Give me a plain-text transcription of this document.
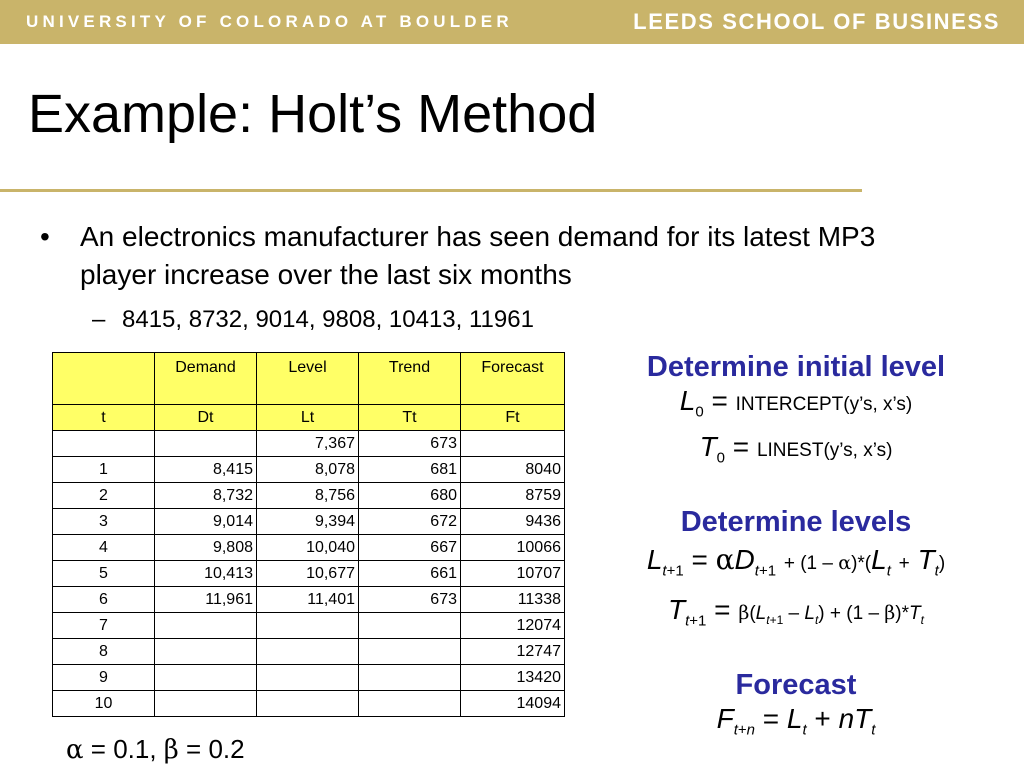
UNIVERSITY OF COLORADO AT BOULDER	LEEDS SCHOOL OF BUSINESS
Example: Holt’s Method
• An electronics manufacturer has seen demand for its latest MP3 player increase over the last six months
– 8415, 8732, 9014, 9808, 10413, 11961
	Demand	Level	Trend	Forecast
t	Dt	Lt	Tt	Ft
		7,367	673	
1	8,415	8,078	681	8040
2	8,732	8,756	680	8759
3	9,014	9,394	672	9436
4	9,808	10,040	667	10066
5	10,413	10,677	661	10707
6	11,961	11,401	673	11338
7				12074
8				12747
9				13420
10				14094
α = 0.1, β = 0.2
Determine initial level
$L_0$ = INTERCEPT(y’s, x’s)
$T_0$ = LINEST(y’s, x’s)
Determine levels
$L_{t+1} = \alpha D_{t+1} + (1 - \alpha)*(L_t + T_t)$
$T_{t+1} = \beta(L_{t+1} - L_t) + (1 - \beta)*T_t$
Forecast
$F_{t+n} = L_t + nT_t$
